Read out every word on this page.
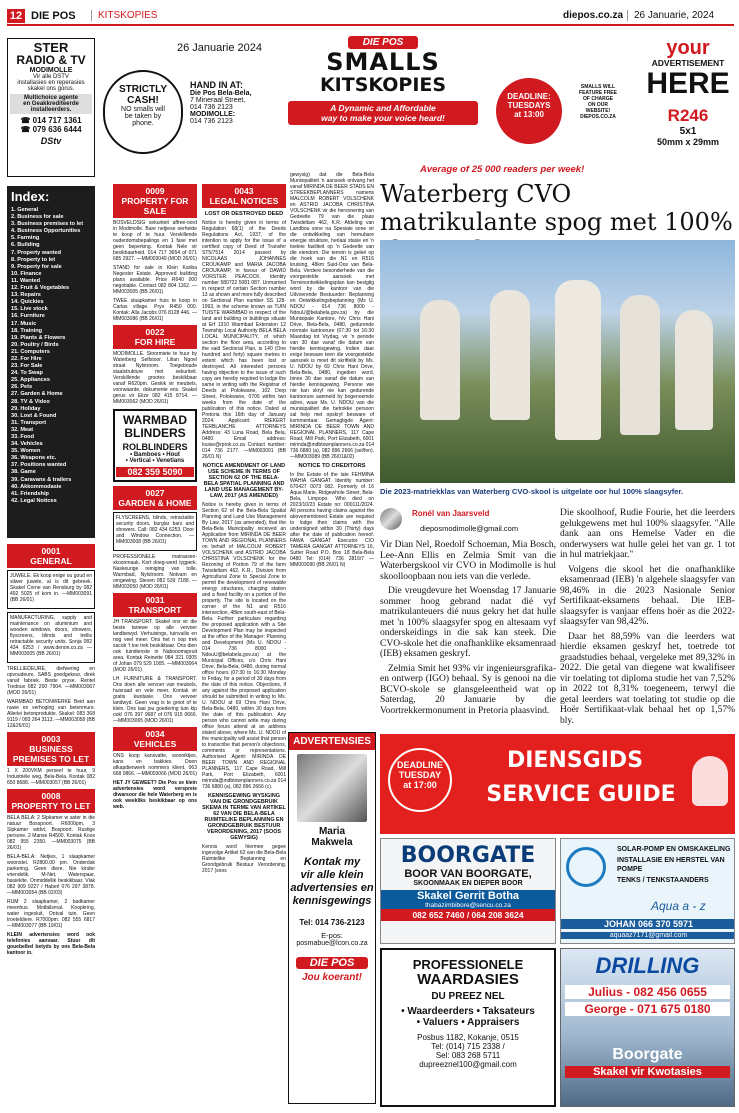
12 DIE POS	KITSKOPIES	diepos.co.za	26 Januarie, 2024
STER
RADIO & TV
MODIMOLLE
Vir alle DSTV
installasies en reperasies
skakel ons gorus.
Multichoice agente
en Geakkrediteerde
installeerders.
☎ 014 717 1361
☎ 079 636 6444
DStv
26 Januarie 2024
STRICTLY
CASH!
NO smalls will
be taken by
phone.
HAND IN AT:
Die Pos Bela-Bela,
7 Mineraal Street,
014 736 2123
MODIMOLLE:
014 736 2123
DIE POS
SMALLS
KITSKOPIES
A Dynamic and Affordable
way to make your voice heard!
DEADLINE:
TUESDAYS
at 13:00
SMALLS WILL
FEATURE FREE
OF CHARGE
ON OUR
WEBSITE!
DIEPOS.CO.ZA
Average of 25 000 readers per week!
your
ADVERTISEMENT
HERE
R246
5x1
50mm x 29mm
Index:
1. General
2. Business for sale
3. Business premises to let
4. Business Opportunities
5. Farming
6. Building
7. Property wanted
8. Property to let
9. Property for sale
10. Finance
11. Wanted
12. Fruit & Vegetables
13. Repairs
14. Quickies
15. Live stock
16. Furniture
17. Music
18. Training
19. Plants & Flowers
20. Poultry / Birds
21. Computers
22. For Hire
23. For Sale
24. To Swap
25. Appliances
26. Pets
27. Garden & Home
28. TV & Video
29. Holiday
30. Lost & Found
31. Transport
32. Meat
33. Food
34. Vehicles
35. Women
36. Weapons etc.
37. Positions wanted
38. Game
39. Caravans & trailers
40. Akkommodasie
41. Friendship
42. Legal Notices
0001
GENERAL
JUWELE. Ek koop enige ou goud en silwer juwele, al is dit gebreek. Skakel Corne van Rensburg by 082 492 5025 of kom in. —MM003091 (BB 26/01)
MANUFACTURING, supply and maintenance on aluminium and wooden windows, doors, showers, flyscreens, blinds and trellis retractable security units. Sonja 082 434 6253 / www.denon.co.za —MM003005 (BB 26/01)
TRELLIEDEURE, diefwering en opvoudeure. SABS goedgekeur, direk vanaf fabriek. Beste pryse. Rentel Tredoux 082 200 7904. —MM003067 (MOD 26/01)
WARMBAD BETONWERKE Beid aan nuwe en verhoging van betonmure. Allerlei betonprodukte. Skakel: 083 368 9119 / 083 264 3113. —MM003058 (BB 12&26/01)
0003
BUSINESS
PREMISES TO LET
1 X 200VKM perseel te huur, 9 Industriële weg, Bela-Bela. Kontak 082 650 8688. —MM003057 (BB 26/01)
0008
PROPERTY TO LET
BELA BELA: 2 Slpkamer w aster in die natuur Bosspoort. R6000pm, 3 Slpkamer wtdvt, Bospoort. Rustige persone. 2 Manse R4500. Kontak Koos 082 955 2350. —MM003075 (BB 26/01)
BELA-BELA: Netjies, 1 slaapkamer woonstel. R2800.00 pm. Onderdak parkering. Geen diere. Nie kinder vriendelik. M-Net, Waterspaar, basiekite. Onmiddellik beskikbaar. Vlak 082 909 9227 / Haberl 076 297 3878. —MM003054 (BB 02/03)
RUM 2 slaapkamer, 2 badkamer meenhus. Motfallsmal. Koopkring, water ingesluit, Ontval tuin. Geen troeteldiere. R7000pm. 082 555 6817 —MM003077 (BB 19/01)
KLEIN advertensies word ook telefonies aanvaar. Stuur dit gouebelbel betyds by ons Bela-Bela kantoor in.
0009
PROPERTY FOR
SALE
BOSVELDSIG sekuriteit affree-oord in Modimolle. Bare netjiese oerheide te koop of te huur. Verskillende ouderdomsbepalings en 1 fase met geen beperking. Kontak Nele vir besikbaarheid. 014 717 3654 of 071 685 2927. —MM003049 (MOD 26/01)
STAND for sale in Klein Kariba Negester Estate. Approved building plans available. Price R640 000 negotiable. Contact 082 804 1162. —MM003005 (BB 26/01)
TWEE slaapkamer huis te koop in Carlas village. Prys R450 000. Kontak: Alla Jacobs 076 8128 446. —MM003086 (BB 26/01)
0022
FOR HIRE
MODIMOLLE. Stoormiete te huur by Waterberg Selfstoor. Lilian Ngoel straat Nylstroom. Toegeboude staalstrukture met sekuriteit. Verskillende grootes beskikbaar vanaf R620pm. Geskik vir meubels, voorwaarde, dokumente ens. Skakel gerus vir Elize 082 415 8714. —MM003062 (MOD 26/01)
WARMBAD
BLINDERS
ROLBLINDERS
• Bamboes • Hout
• Vertical • Venetians
082 359 5090
0027
GARDEN & HOME
FLYSCREENS, blinds, retractable security doors, burglar bars and showers. Call: 082 434 6253. Door and Window Connection. —MM003008 (BB 26/01)
PROFESSIONELE matrassen-skoonmaak. Kort doeg-werd tygperk. Naskeurige reiniging van tolle. Warmbad, Nylstroom. Notvam en omgewing. Steven 082 539 7188. —MM003050 (MOD 26/01)
0031
TRANSPORT
JH TRANSPORT. Skakel ons vir die beste tariewe op alle vervoer landbewyd. Verhuisings, tuinvuilis en nog veel meer. Ons het n oop trek sacob 't toe trek beskikbaar. Ons dien ook tuindienste in Nabooomspruit area. Kontak Reinette 084 321 0305 of Johan 079 529 1005. —MM003064 (MOD 26/01)
LH FURNITURE & TRANSPORT. Ons doen alle vervoer van meubels, huisraad en vele meer. Kontak vir gratis kwotasie. Ons vervoer landwyd. Geen vrag is te groot of te klein. Ons laai jou goedering tuin klp ook! 076 397 9687 of 076 915 0666. —MM003065 (MOD 26/01)
0034
VEHICLES
ONS koop kansvatte, wooniktjes, kans en bakkies. Doen afkapdienwerk nommers klient. 063 668 0866. —MM003066 (MOD 26/01)
HET JY GEWEET? Die Pos se klein advertensies word verspreie diwarsoor die hele Waterberg en is ook weekliks beskikbaar op ons web.
0043
LEGAL NOTICES
LOST OR DESTROYED DEED
Notice is hereby given in terms of Regulation 68(1) of the Deeds Regulations Act, 1937, of the intention to apply for the issue of a certified copy of Deed of Transfer ST5/7514 2014 passed by NICOLAAS JOHANNES CROUKAMP and MARIA JACOBA CROUKAMP, in favour of DAWID VORSTER PEACOCK. Identity number 580722 5081 087. Unmarried in respect of certain Section number 13 as shown and more fully described on Sectional Plan number SS 128-1993, in the scheme known as TUIN TUISTE WARMBAD in respect of the land and building or buildings situate at Erf 1310 Warmbad Extension 12 Township Local Authority BELA BELA LOCAL MUNICIPALITY, of which section the floor area, according to the said Sectional Plan, is 140 (One hundred and forty) square metres in extent which has been lost or destroyed. All interested persons having objection to the issue of such copy are hereby required to lodge the same in writing with the Registrar of Deeds at Polokwane, 102 Dorp Street, Polokwane, 0700 within two weeks from the date of the publication of this notice. Dated at Pretoria this 16th day of January 2024. Applicant: RIEKERT TERBLANCHE ATTORNEYS Address: 43 Luna Road, Bela Bela, 0480 Email address: louise@rprok.co.za Contact number: 014 736 2177. —MM003091 (BB 26/01 N)
NOTICE AMENDMENT OF LAND USE SCHEME IN TERMS OF SECTION 62 OF THE BELA-BELA SPATIAL PLANNING AND LAND USE MANAGEMENT BY-LAW, 2017 (AS AMENDED)
Notice is hereby given in terms of Section 62 of the Bela-Bela Spatial Planning and Land Use Management By Law, 2017 (as amended), that the Bela-Bela Municipality received an Application from MIRINDA DE BEER TOWN AND REGIONAL PLANNERS on behalf of MALCOLM ROBERT VOLSCHENK and ASTRID JACOBA CHRISTINA VOLSCHENK for the Rezoning of Portion 79 of the farm Twisdeltam 462, K.R., Division from Agricultural Zone to Special Zone to permit the development of renewable energy structures, charging station and a fixed facility on a portion of the property. The site is located on the corner of the N1 and R516 intersection, 48km south-east of Bela-Bela. Further particulars regarding the proposed application with a Site Development Plan may be inspected at the office of the Manager: Planning and Development (Ms U. NDOU - 014 736 8000 - NdouU@belabela.gov.za) at the Municipal Offices, c/o Chris Hani Drive, Bela-Bela, 0480, during normal office hours (07:30 to 16:30 Monday to Friday, for a period of 30 days from the date of this notice. Objections, if any against the proposed application should be submitted in writing to Ms. U. NDOU at 69 Chris Hani Drive, Bela-Bela, 0480, within 30 days from the date of this publication. Any person who cannot write may during office hours attend at an address stated above, where Ms. U. NDOU of the municipality will assist that person to transcribe that person's objections, comments or representations. Authorised Agent: MIRINDA DE BEER TOWN AND REGIONAL PLANNERS, 117 Cape Road, Mill Park, Port Elizabeth, 6001 mirinda@mdbtownplanners.co.za 014 736 6880 (a), 082 896 2666 (c).
KENNISGEWING WYSIGING VAN DIE GRONDGEBRUIK SKEMA IN TERME VAN ARTIKEL 62 VAN DIE BELA-BELA RUIMTELIKE BEPLANNING EN GRONDGEBRUIK BESTUUR VERORDENING, 2017 (SOOS GEWYSIG)
Kennis word hiermee gegee ingevolge Artikel 62 van die Bela-Bela Ruimtelike Beplanning en Grondgebruik Bestuur Verordening, 2017 (soos
gewysig) dat die Bela-Bela Munisipaliteit 'n aansoek ontvang het vanaf MIRINDA DE BEER STADS EN STREEKBEPLANNERS namens MALCOLM ROBERT VOLSCHENK en ASTRID JACOBA CHRISTINA VOLSCHENK vir die hersonering van Gedeelte 79 van die plaas Twisdeltam 462, K.R. Afdeling van Landbou sone na Spesiale sone vir die ontwikkeling van hernubare energie strukture, herlaai stasie en 'n toeleie fasiliteit op 'n Gedeelte van die eiendom. Die terrein is geleë op die hoek van die N1 en R516 kruising, 48km Suid-Oos van Bela-Bela. Verdere besonderhede van die voorgestelde aansoek met Terreinontwikkelingsplan kan besigtig word by die kantoor van die Uitvoerende Bestuurder: Beplanning en Ontwikkelingsbeplanning (Ms U. NDOU - 014 736 8000 - NdouU@belabela.gov.za) by die Munisipale Kantore, h/v Chris Hani Drive, Bela-Bela, 0480, gedurende normale kantoorure (07:30 tot 16:30 Maandag tot Vrydag, vir 'n periode van 30 dae vanaf die datum van hierdie kennisgewing. Indien daar enige besware teen die voorgestelde aansoek is moet dit skriftelik by Ms. U. NDOU by 69 Chris Hani Drive, Bela-Bela, 0480, ingedien word, binne 30 dae vanaf die datum van hierdie kennisgewing. Persone wie nie kan skryf nie kan gedurende kantoorure aanmeld by bogenoemde adres, waar Ms. U. NDOU van die munisipaliteit die betrokke persoon sal help met opskryf besware of kommentaar. Gemagtigde Agent: MIRINDA DE BEER TOWN AND REGIONAL PLANNERS, 117 Cape Road, Mill Park, Port Elizabeth, 6001 mirinda@mdbtownplanners.co.za 014 736 6880 (a), 082 896 2666 (sel/fon). —MM003089 (BB 26/01&02)
NOTICE TO CREDITORS
In the Estate of the late FEHMINA WAHIA GANGAT Identity number: 670427 0073 082. Formerly of 16 Aqua Marie, Ridgewhole Street, Bela-Bela, Limpopo. Who died on 2023/10/23 Estate no: 000111/2024. All persons having claims against the abovementioned Estate are required to lodge their claims with the undersigned within 30 (Thirty) days after the date of publication hereof. FAWA GANGAT Executor. C/O TAMERA GANGAT ATTORNEYS 16, Sutter Road P.O. Box 18 Bela-Bela 0480 Tel: (014) 736 2816/7 —MM003090 (BB 26/01 N)
ADVERTENSIES
Maria
Makwela
Kontak my
vir alle klein
advertensies en
kennisgewings
Tel: 014 736-2123
E-pos:
posmabue@lcon.co.za
DIE POS
Jou koerant!
Waterberg CVO matrikulante spog met 100%
Die 2023-matriekklas van Waterberg CVO-skool is uitgelate oor hul 100% slaagsyfer.
Ronél van Jaarsveld
dieposmodimolle@gmail.com

Vir Dian Nel, Roedolf Schoeman, Mia Bosch, Lee-Ann Ellis en Zelmia Smit van die Waterbergskool vir CVO in Modimolle is hul skoolloopbaan nou iets van die verlede.

Die vreugdevure het Woensdag 17 Januarie sommer hoog gebrand nadat dié vyf matrikulanteuers dié nuus gekry het dat hulle met 'n 100% slaagsyfer spog en altesaam vyf onderskeidings in die sak kan steek. Die CVO-skole het die onafhanklike eksamenraad (IEB) eksamen geskryf.

Zelmia Smit het 93% vir ingenieursgrafika- en ontwerp (IGO) behaal. Sy is genooi na die BCVO-skole se glansgeleentheid wat op Saterdag, 20 Januarie by die Voortrekkermonument in Pretoria plaasvind.

Die skoolhoof, Rudie Fourie, het die leerders gelukgewens met hul 100% slaagsyfer. "Alle dank aan ons Hemelse Vader en die onderwysers wat hulle gelei het van gr. 1 tot in hul matriekjaar."

Volgens die skool het die onafhanklike eksamenraad (IEB) 'n algehele slaagsyfer van 98,46% in die 2023 Nasionale Senior Sertifikaat-eksamens behaal. Die IEB-slaagsyfer is vanjaar effens hoër as die 2022-slaagsyfer van 98,42%.

Daar het 88,59% van die leerders wat hierdie eksamen geskryf het, toetrede tot graadstudies behaal, vergeleke met 89,32% in 2022. Die getal van diegene wat kwalifiseer vir toelating tot diploma studie het van 7,52% in 2022 tot 8,31% toegeneem, terwyl die getal leerders wat toelating tot studie op die Hoër Sertifikaat-vlak behaal het op 1,57% bly.

DEADLINE
TUESDAY
at 17:00
DIENSGIDS
SERVICE GUIDE
BOORGATE
BOOR VAN BOORGATE,
SKOONMAAK EN DIEPER BOOR
Skakel Gerrit Botha
thabazimbibore@sencu.co.za
082 652 7460 / 064 208 3624
SOLAR-POMP EN OMSKAKELING
INSTALLASIE EN HERSTEL VAN POMPE
TENKS / TENKSTAANDERS
Aqua a - z
JOHAN 066 370 5971
aquaaz7171@gmail.com
PROFESSIONELE
WAARDASIES
DU PREEZ NEL
• Waardeerders • Taksateurs
• Valuers • Appraisers
Posbus 1182, Kokanje, 0515
Tel: (014) 715 2338 /
Sel: 083 268 5711
dupreeznel100@gmail.com
DRILLING
Julius - 082 456 0655
George - 071 675 0180
Boorgate
Skakel vir Kwotasies
